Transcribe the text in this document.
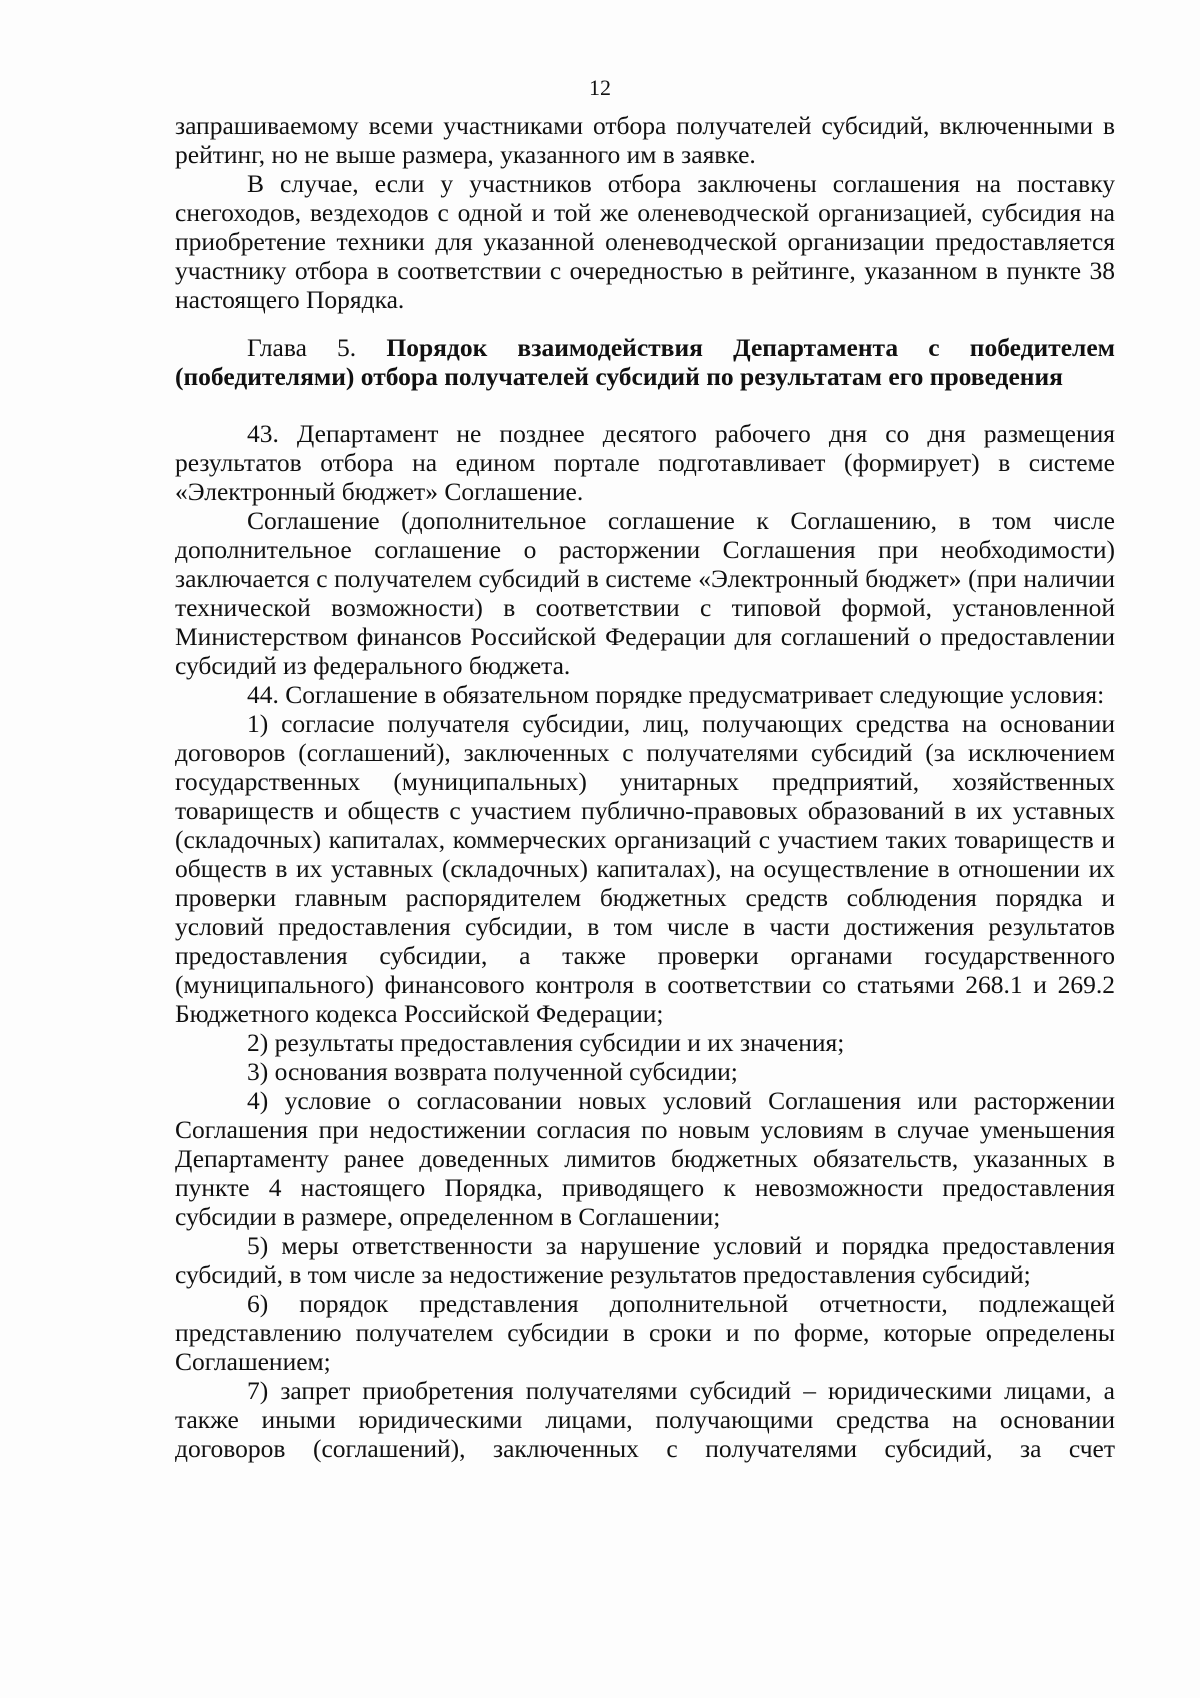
12

запрашиваемому всеми участниками отбора получателей субсидий, включенными в рейтинг, но не выше размера, указанного им в заявке.

В случае, если у участников отбора заключены соглашения на поставку снегоходов, вездеходов с одной и той же оленеводческой организацией, субсидия на приобретение техники для указанной оленеводческой организации предоставляется участнику отбора в соответствии с очередностью в рейтинге, указанном в пункте 38 настоящего Порядка.

Глава 5. Порядок взаимодействия Департамента с победителем
(победителями) отбора получателей субсидий по результатам его проведения

43. Департамент не позднее десятого рабочего дня со дня размещения результатов отбора на едином портале подготавливает (формирует) в системе «Электронный бюджет» Соглашение.

Соглашение (дополнительное соглашение к Соглашению, в том числе дополнительное соглашение о расторжении Соглашения при необходимости) заключается с получателем субсидий в системе «Электронный бюджет» (при наличии технической возможности) в соответствии с типовой формой, установленной Министерством финансов Российской Федерации для соглашений о предоставлении субсидий из федерального бюджета.

44. Соглашение в обязательном порядке предусматривает следующие условия:

1) согласие получателя субсидии, лиц, получающих средства на основании договоров (соглашений), заключенных с получателями субсидий (за исключением государственных (муниципальных) унитарных предприятий, хозяйственных товариществ и обществ с участием публично-правовых образований в их уставных (складочных) капиталах, коммерческих организаций с участием таких товариществ и обществ в их уставных (складочных) капиталах), на осуществление в отношении их проверки главным распорядителем бюджетных средств соблюдения порядка и условий предоставления субсидии, в том числе в части достижения результатов предоставления субсидии, а также проверки органами государственного (муниципального) финансового контроля в соответствии со статьями 268.1 и 269.2 Бюджетного кодекса Российской Федерации;

2) результаты предоставления субсидии и их значения;

3) основания возврата полученной субсидии;

4) условие о согласовании новых условий Соглашения или расторжении Соглашения при недостижении согласия по новым условиям в случае уменьшения Департаменту ранее доведенных лимитов бюджетных обязательств, указанных в пункте 4 настоящего Порядка, приводящего к невозможности предоставления субсидии в размере, определенном в Соглашении;

5) меры ответственности за нарушение условий и порядка предоставления субсидий, в том числе за недостижение результатов предоставления субсидий;

6) порядок представления дополнительной отчетности, подлежащей представлению получателем субсидии в сроки и по форме, которые определены Соглашением;

7) запрет приобретения получателями субсидий – юридическими лицами, а также иными юридическими лицами, получающими средства на основании договоров (соглашений), заключенных с получателями субсидий, за счет
